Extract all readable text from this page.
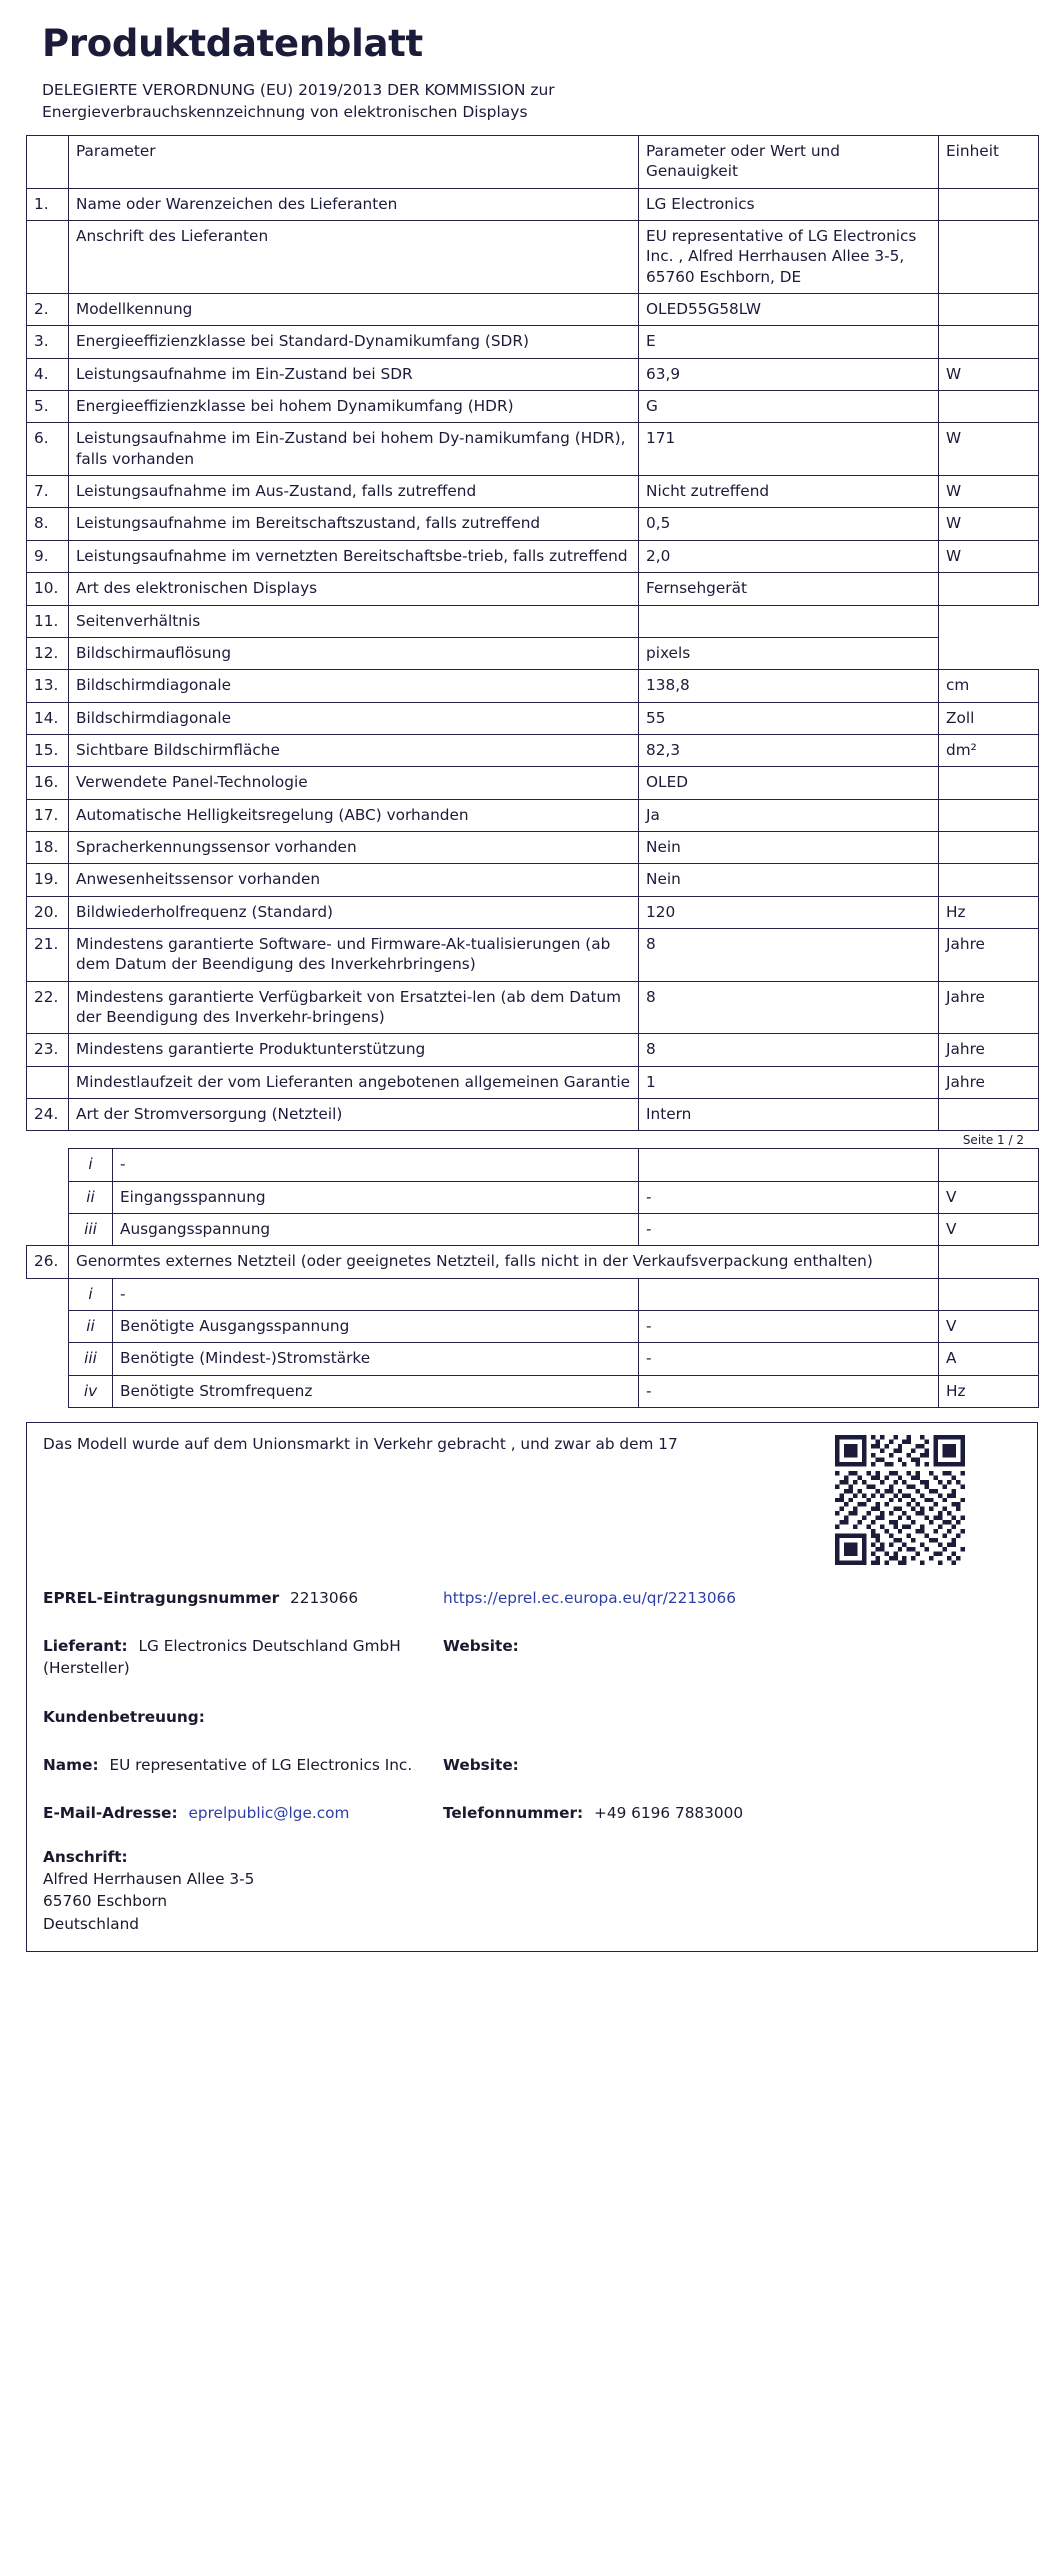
Produktdatenblatt
DELEGIERTE VERORDNUNG (EU) 2019/2013 DER KOMMISSION zur
Energieverbrauchskennzeichnung von elektronischen Displays
	Parameter	Parameter oder Wert und Genauigkeit	Einheit
1.	Name oder Warenzeichen des Lieferanten	LG Electronics	
	Anschrift des Lieferanten	EU representative of LG Electronics Inc. , Alfred Herrhausen Allee 3-5, 65760 Eschborn, DE	
2.	Modellkennung	OLED55G58LW	
3.	Energieeffizienzklasse bei Standard-Dynamikumfang (SDR)	E	
4.	Leistungsaufnahme im Ein-Zustand bei SDR	63,9	W
5.	Energieeffizienzklasse bei hohem Dynamikumfang (HDR)	G	
6.	Leistungsaufnahme im Ein-Zustand bei hohem Dy-namikumfang (HDR), falls vorhanden	171	W
7.	Leistungsaufnahme im Aus-Zustand, falls zutreffend	Nicht zutreffend	W
8.	Leistungsaufnahme im Bereitschaftszustand, falls zutreffend	0,5	W
9.	Leistungsaufnahme im vernetzten Bereitschaftsbe-trieb, falls zutreffend	2,0	W
10.	Art des elektronischen Displays	Fernsehgerät	
11.	Seitenverhältnis		
12.	Bildschirmauflösung	pixels	
13.	Bildschirmdiagonale	138,8	cm
14.	Bildschirmdiagonale	55	Zoll
15.	Sichtbare Bildschirmfläche	82,3	dm²
16.	Verwendete Panel-Technologie	OLED	
17.	Automatische Helligkeitsregelung (ABC) vorhanden	Ja	
18.	Spracherkennungssensor vorhanden	Nein	
19.	Anwesenheitssensor vorhanden	Nein	
20.	Bildwiederholfrequenz (Standard)	120	Hz
21.	Mindestens garantierte Software- und Firmware-Ak-tualisierungen (ab dem Datum der Beendigung des Inverkehrbringens)	8	Jahre
22.	Mindestens garantierte Verfügbarkeit von Ersatztei-len (ab dem Datum der Beendigung des Inverkehr-bringens)	8	Jahre
23.	Mindestens garantierte Produktunterstützung	8	Jahre
	Mindestlaufzeit der vom Lieferanten angebotenen allgemeinen Garantie	1	Jahre
24.	Art der Stromversorgung (Netzteil)	Intern	
Seite 1 / 2
	i	-		
	ii	Eingangsspannung	-	V
	iii	Ausgangsspannung	-	V
26.	Genormtes externes Netzteil (oder geeignetes Netzteil, falls nicht in der Verkaufsverpackung enthalten)			
	i	-		
	ii	Benötigte Ausgangsspannung	-	V
	iii	Benötigte (Mindest-)Stromstärke	-	A
	iv	Benötigte Stromfrequenz	-	Hz
Das Modell wurde auf dem Unionsmarkt in Verkehr gebracht , und zwar ab dem 17
EPREL-Eintragungsnummer 2213066	https://eprel.ec.europa.eu/qr/2213066
Lieferant: LG Electronics Deutschland GmbH (Hersteller)
Website:
Kundenbetreuung:
Name: EU representative of LG Electronics Inc.	Website:
E-Mail-Adresse: eprelpublic@lge.com	Telefonnummer: +49 6196 7883000
Anschrift:
Alfred Herrhausen Allee 3-5
65760 Eschborn
Deutschland
